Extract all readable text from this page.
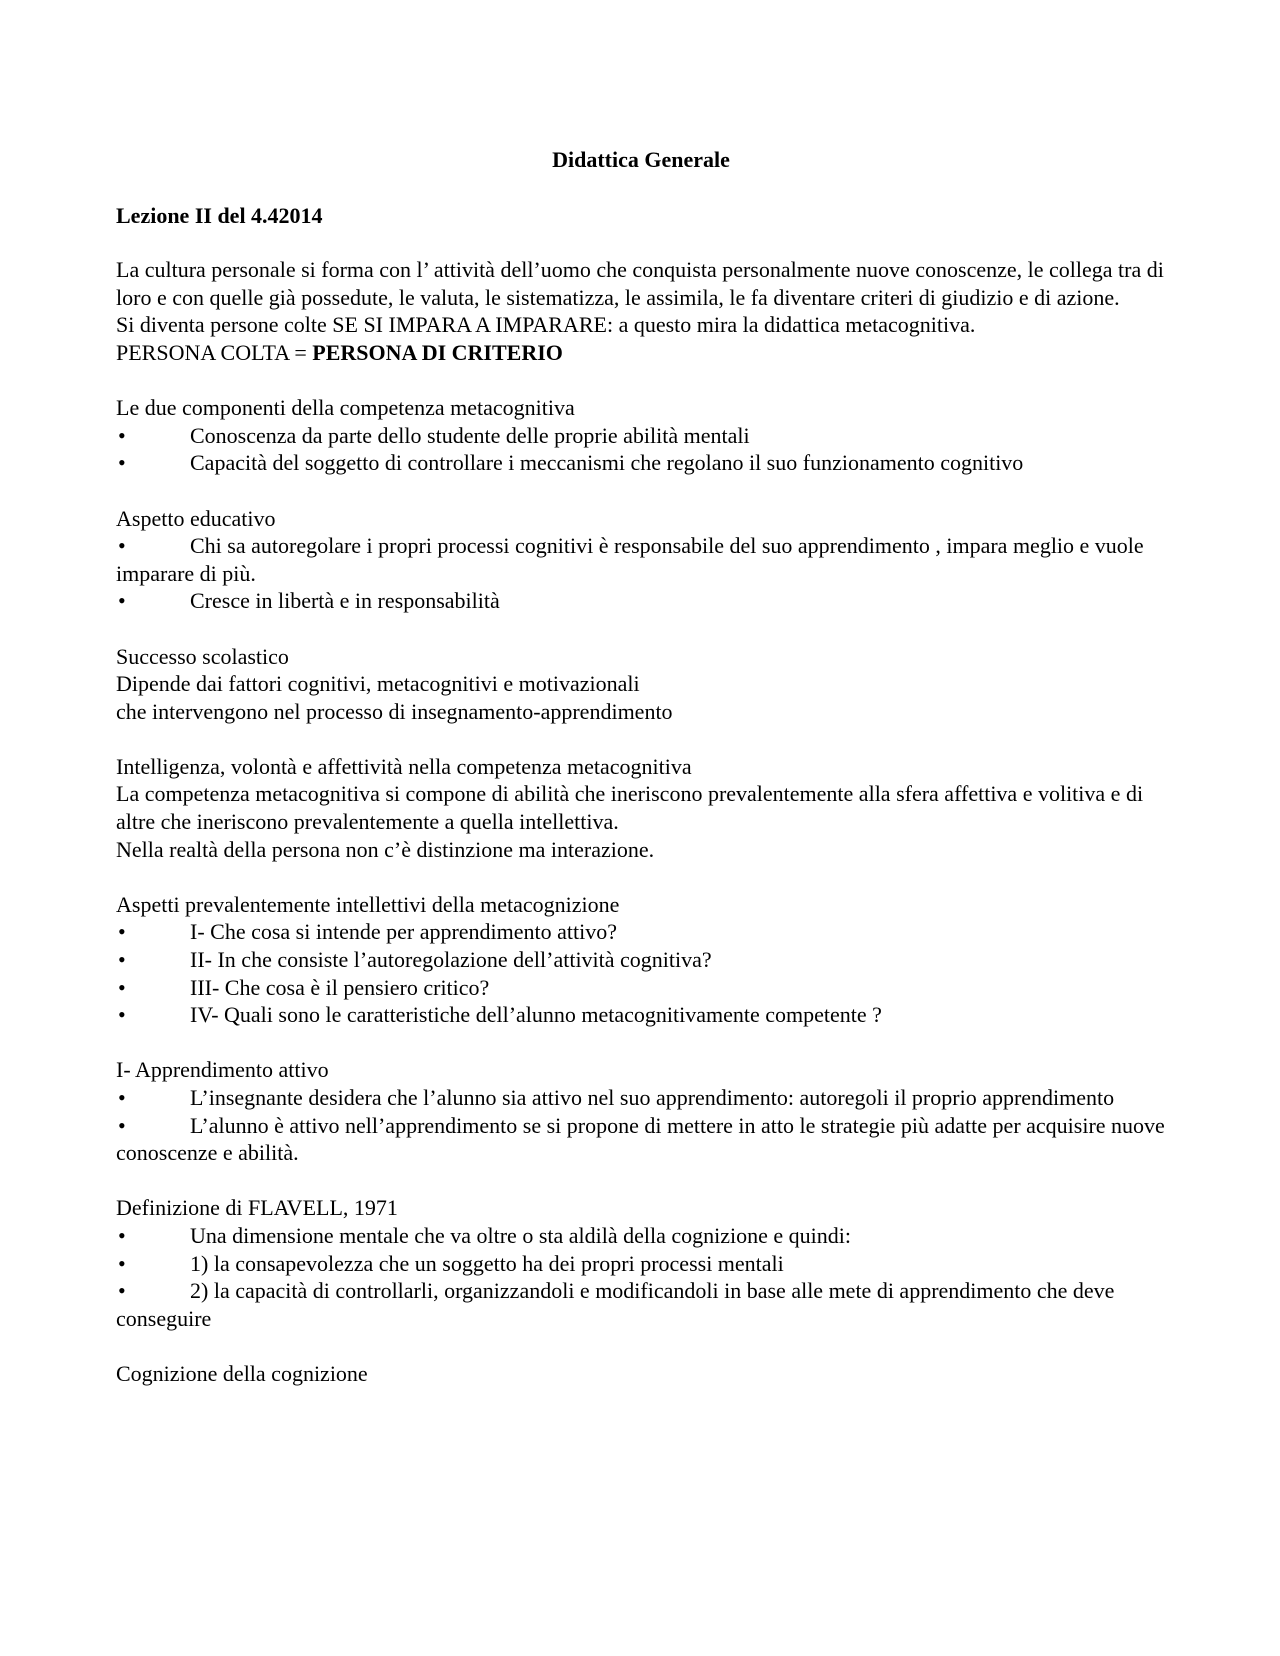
Didattica Generale
Lezione II del 4.42014

La cultura personale si forma con l’ attività dell’uomo che conquista personalmente nuove conoscenze, le collega tra di loro e con quelle già possedute, le valuta, le sistematizza, le assimila, le fa diventare criteri di giudizio e di azione.

Si diventa persone colte SE SI IMPARA A IMPARARE: a questo mira la didattica metacognitiva.

PERSONA COLTA = PERSONA DI CRITERIO

Le due componenti della competenza metacognitiva

•	Conoscenza da parte dello studente delle proprie abilità mentali

•	Capacità del soggetto di controllare i meccanismi che regolano il suo funzionamento cognitivo

Aspetto educativo

•	Chi sa autoregolare i propri processi cognitivi è responsabile del suo apprendimento , impara meglio e vuole imparare di più.

•	Cresce in libertà e in responsabilità

Successo scolastico

Dipende dai fattori cognitivi, metacognitivi e motivazionali

che intervengono nel processo di insegnamento-apprendimento

Intelligenza, volontà e affettività nella competenza metacognitiva

La competenza metacognitiva si compone di abilità che ineriscono prevalentemente alla sfera affettiva e volitiva e di altre che ineriscono prevalentemente a quella intellettiva.

Nella realtà della persona non c’è distinzione ma interazione.

Aspetti prevalentemente intellettivi della metacognizione

•	I- Che cosa si intende per apprendimento attivo?

•	II- In che consiste l’autoregolazione dell’attività cognitiva?

•	III- Che cosa è il pensiero critico?

•	IV- Quali sono le caratteristiche dell’alunno metacognitivamente competente ?

I- Apprendimento attivo

•	L’insegnante desidera che l’alunno sia attivo nel suo apprendimento: autoregoli il proprio apprendimento

•	L’alunno è attivo nell’apprendimento se si propone di mettere in atto le strategie più adatte per acquisire nuove conoscenze e abilità.

Definizione di FLAVELL, 1971

•	Una dimensione mentale che va oltre o sta aldilà della cognizione e quindi:

•	1) la consapevolezza che un soggetto ha dei propri processi mentali

•	2) la capacità di controllarli, organizzandoli e modificandoli in base alle mete di apprendimento che deve conseguire

Cognizione della cognizione
